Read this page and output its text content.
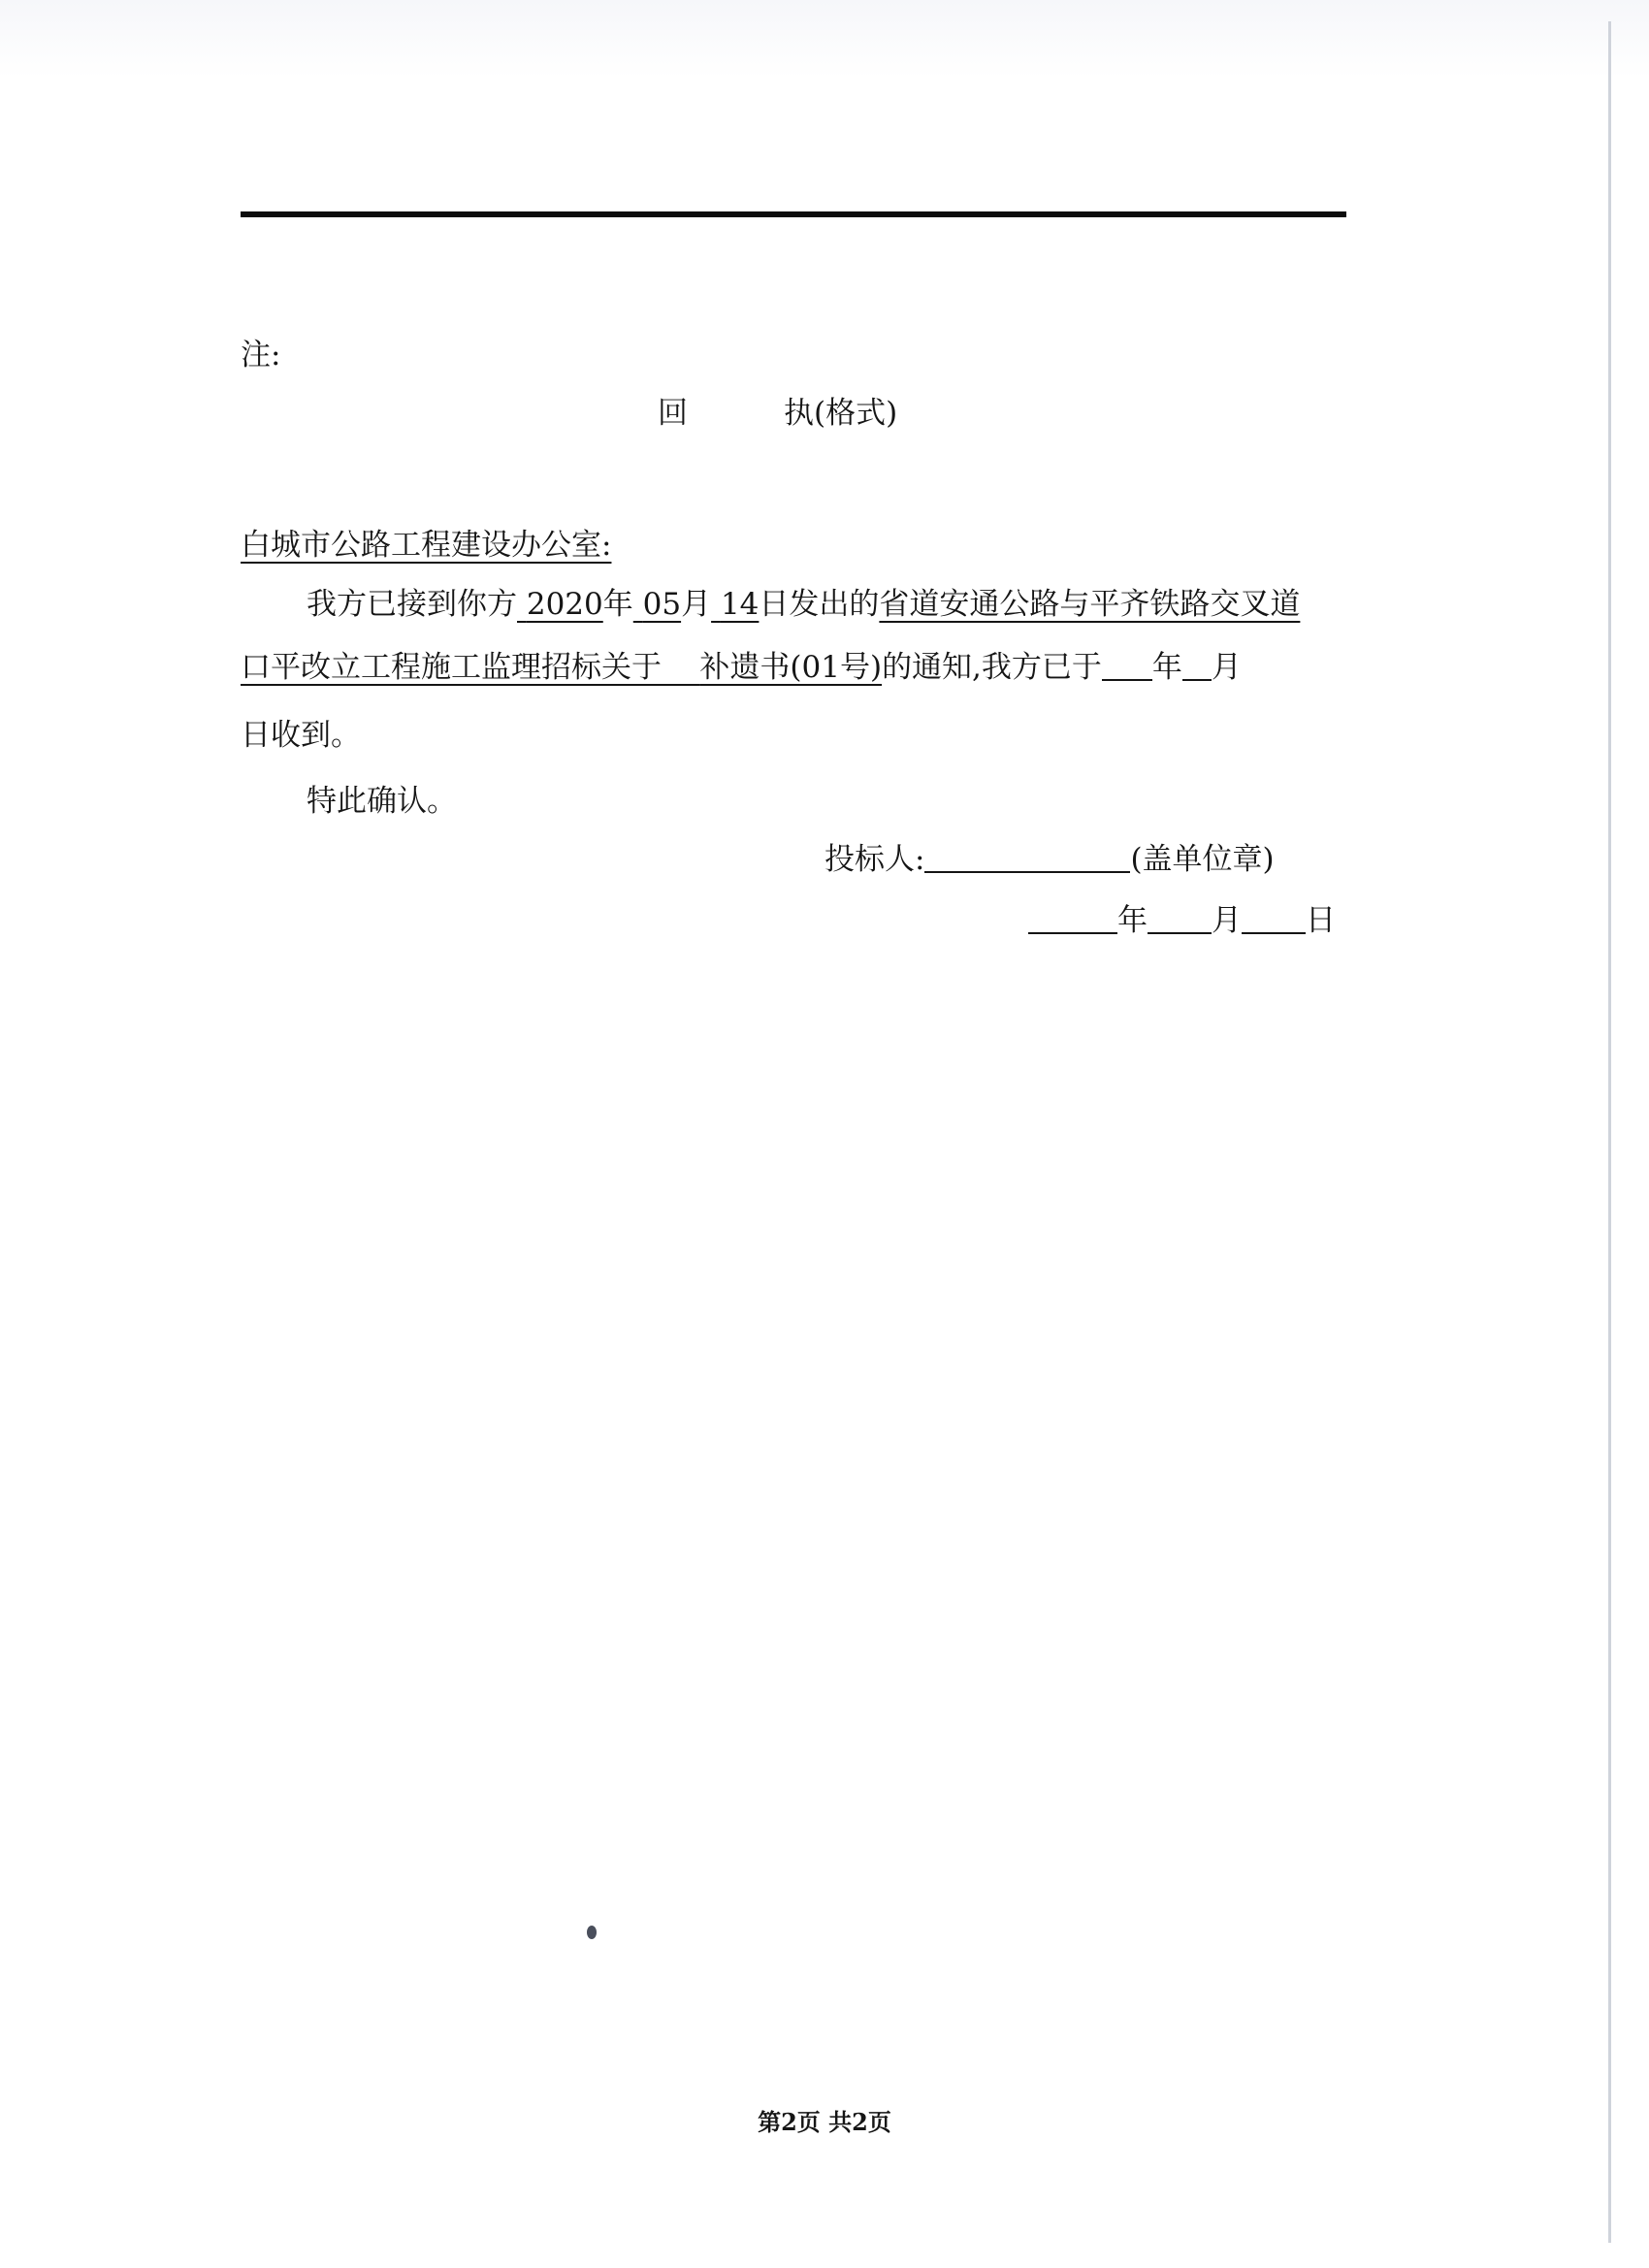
注:
回	执(格式)
白城市公路工程建设办公室:
我方已接到你方 2020年 05月 14日发出的省道安通公路与平齐铁路交叉道
口平改立工程施工监理招标关于 补遗书(01号)的通知,我方已于 年 月
日收到。
特此确认。
投标人:	(盖单位章)
年 月 日
第2页 共2页
